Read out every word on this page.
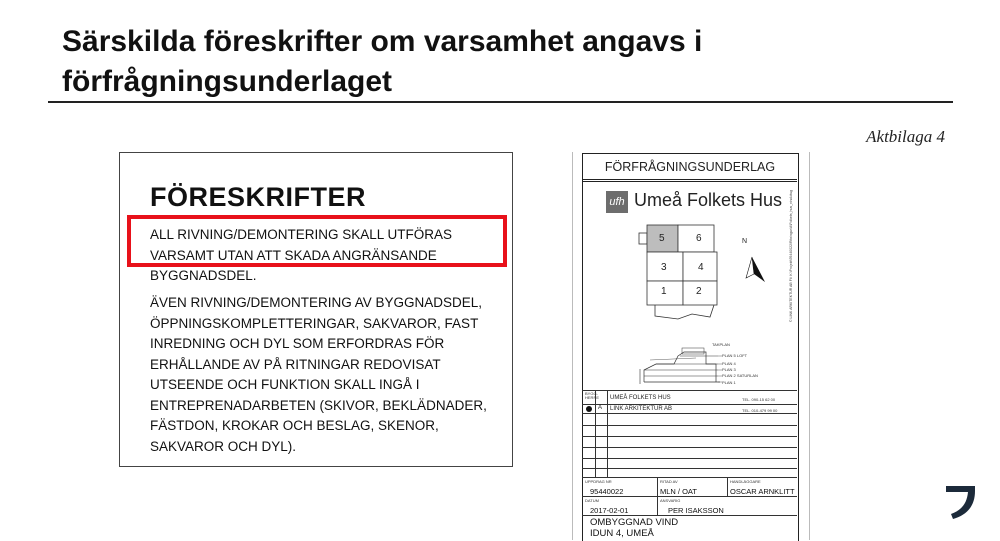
Särskilda föreskrifter om varsamhet angavs i
förfrågningsunderlaget
Aktbilaga 4
FÖRESKRIFTER
ALL RIVNING/DEMONTERING SKALL UTFÖRAS VARSAMT UTAN ATT SKADA ANGRÄNSANDE BYGGNADSDEL.
ÄVEN RIVNING/DEMONTERING AV BYGGNADSDEL, ÖPPNINGSKOMPLETTERINGAR, SAKVAROR, FAST INREDNING OCH DYL SOM ERFORDRAS FÖR ERHÅLLANDE AV PÅ RITNINGAR REDOVISAT UTSEENDE OCH FUNKTION SKALL INGÅ I ENTREPRENADARBETEN (SKIVOR, BEKLÄDNADER, FÄSTDON, KROKAR OCH BESLAG, SKENOR, SAKVAROR OCH DYL).
FÖRFRÅGNINGSUNDERLAG
ufh Umeå Folkets Hus
5	6
3	4
1	2
N
TAKPLAN
PLAN 5 LOFT
PLAN 4
PLAN 3
PLAN 2 SATURLAN
PLAN 1
BYGG-HERRE UMEÅ FOLKETS HUS	TEL. 090-15 62 00
A LINK ARKITEKTUR AB	TEL. 010-479 99 00
UPPDRAG NR
95440022
RITAD AV
MLN / OAT
HANDLÄGGARE
OSCAR ARNKLITT
DATUM
2017-02-01
ANSVARIG
PER ISAKSSON
OMBYGGNAD VIND
IDUN 4, UMEÅ
© LINK ARKITEKTUR AB Fil: K:\Projekt\95440022\Ritningar\A\Folkets_hus_vind.dwg
